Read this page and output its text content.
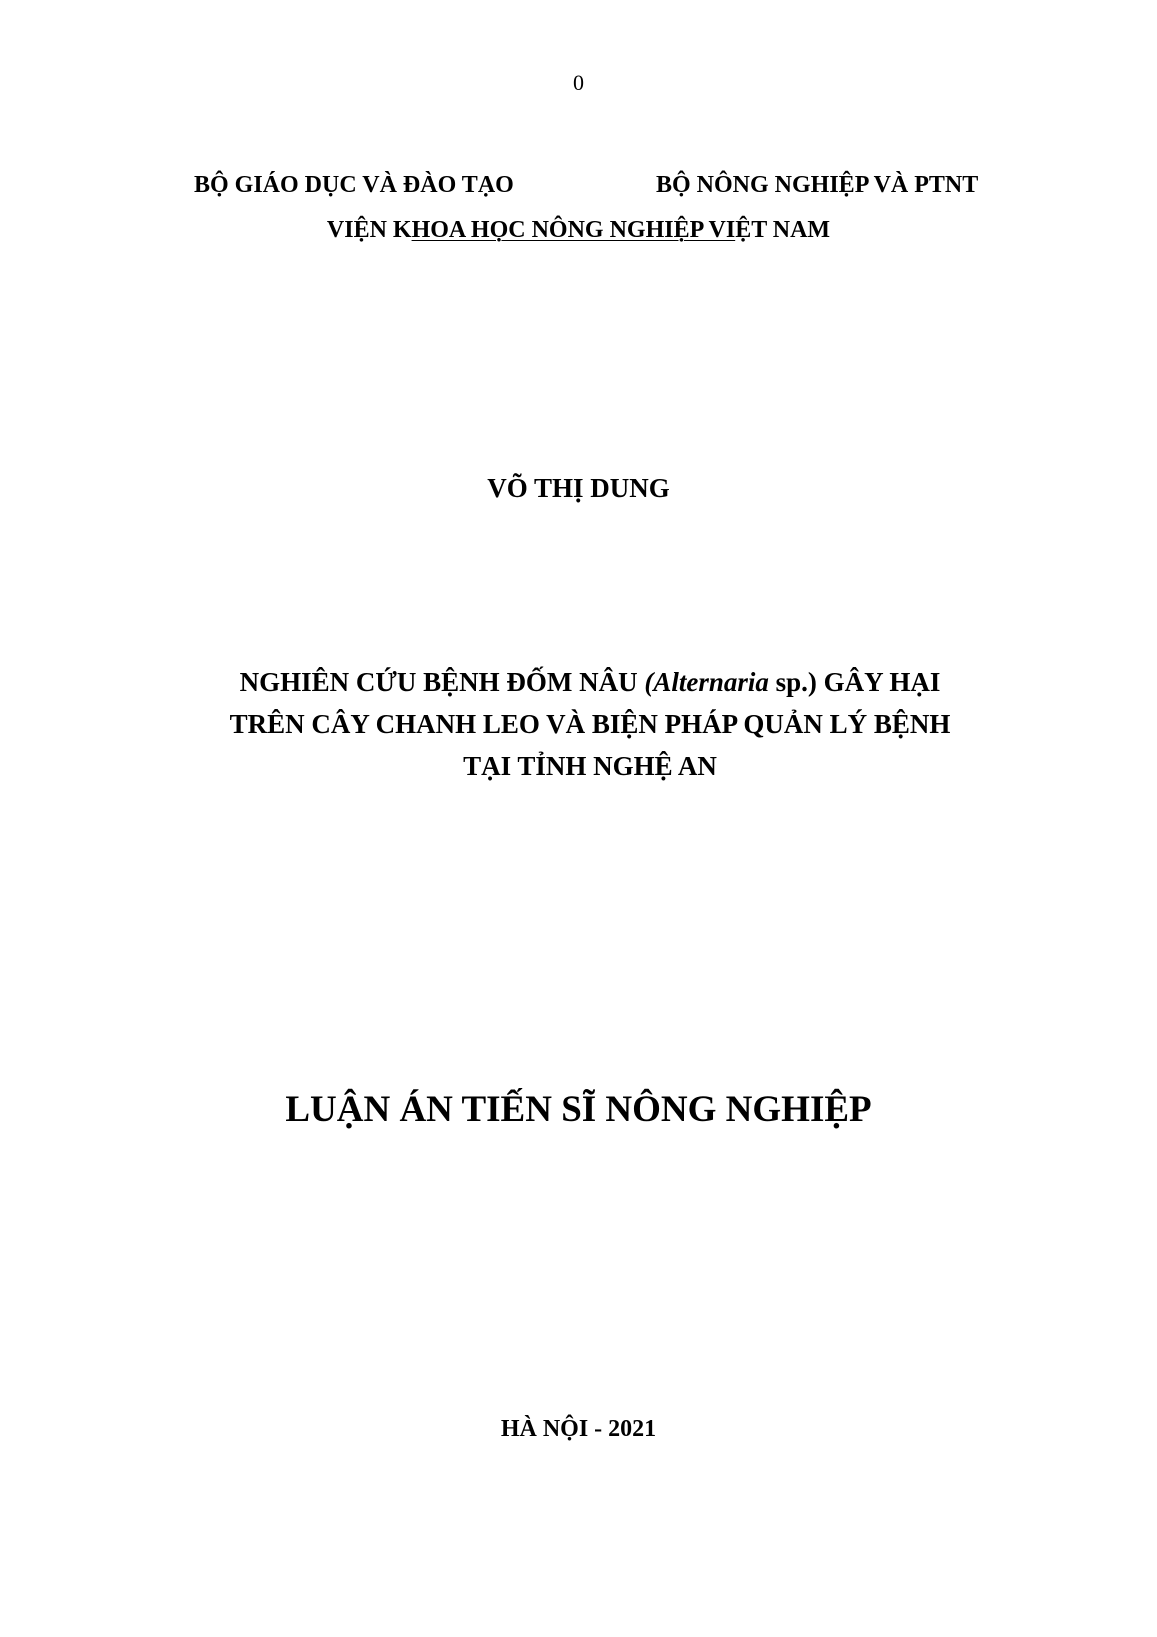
0
BỘ GIÁO DỤC VÀ ĐÀO TẠO	BỘ NÔNG NGHIỆP VÀ PTNT
VIỆN KHOA HỌC NÔNG NGHIỆP VIỆT NAM
VÕ THỊ DUNG
NGHIÊN CỨU BỆNH ĐỐM NÂU (Alternaria sp.) GÂY HẠI
TRÊN CÂY CHANH LEO VÀ BIỆN PHÁP QUẢN LÝ BỆNH
TẠI TỈNH NGHỆ AN
LUẬN ÁN TIẾN SĨ NÔNG NGHIỆP
HÀ NỘI - 2021
